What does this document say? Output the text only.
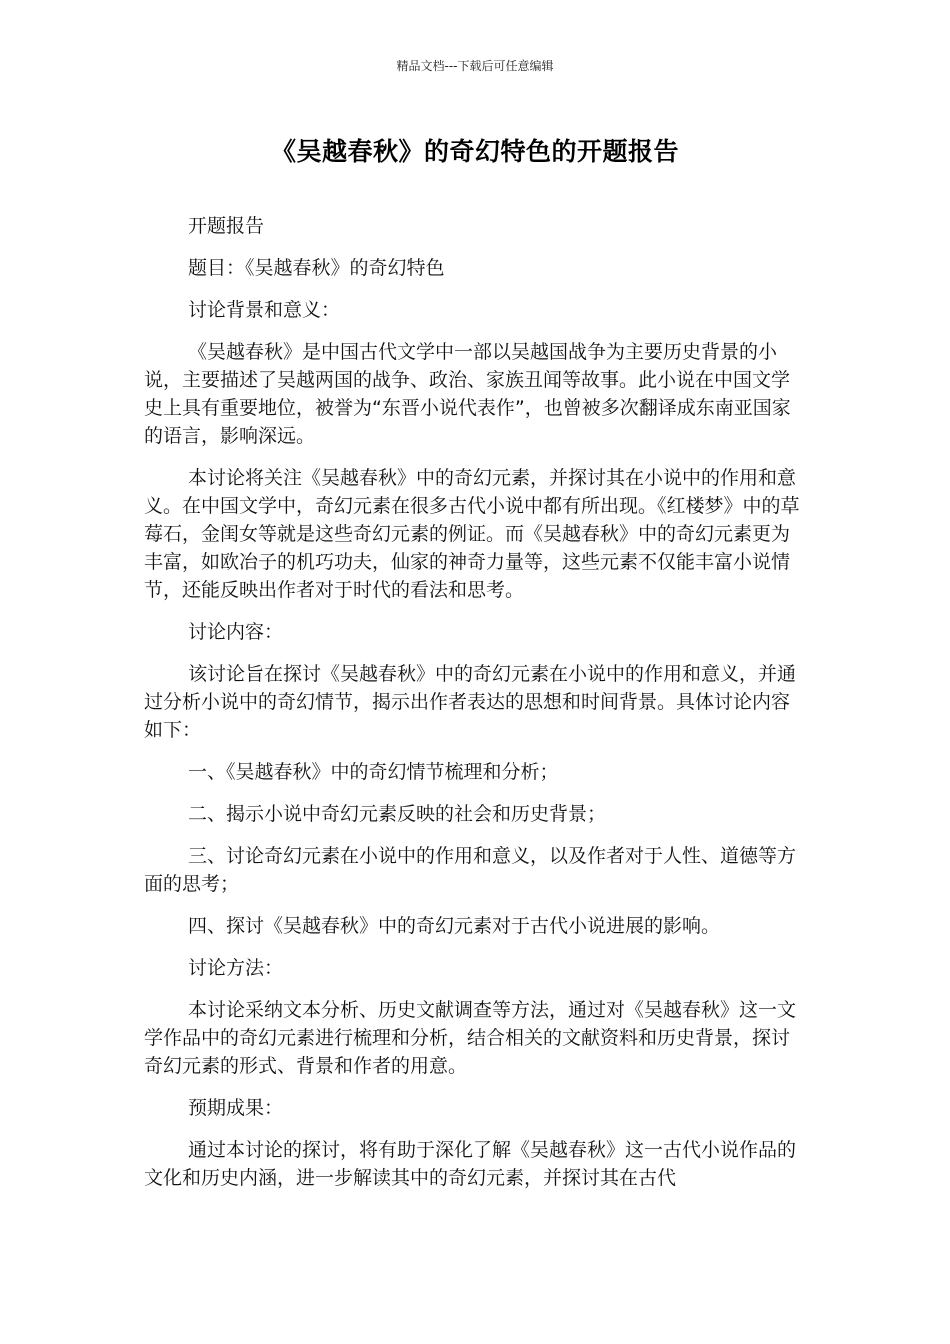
精品文档---下载后可任意编辑
《吴越春秋》的奇幻特色的开题报告

开题报告

题目：《吴越春秋》的奇幻特色

讨论背景和意义：

《吴越春秋》是中国古代文学中一部以吴越国战争为主要历史背景的小说，主要描述了吴越两国的战争、政治、家族丑闻等故事。此小说在中国文学史上具有重要地位，被誉为“东晋小说代表作”，也曾被多次翻译成东南亚国家的语言，影响深远。

本讨论将关注《吴越春秋》中的奇幻元素，并探讨其在小说中的作用和意义。在中国文学中，奇幻元素在很多古代小说中都有所出现。《红楼梦》中的草莓石，金闺女等就是这些奇幻元素的例证。而《吴越春秋》中的奇幻元素更为丰富，如欧冶子的机巧功夫，仙家的神奇力量等，这些元素不仅能丰富小说情节，还能反映出作者对于时代的看法和思考。

讨论内容：

该讨论旨在探讨《吴越春秋》中的奇幻元素在小说中的作用和意义，并通过分析小说中的奇幻情节，揭示出作者表达的思想和时间背景。具体讨论内容如下：

一、《吴越春秋》中的奇幻情节梳理和分析；

二、揭示小说中奇幻元素反映的社会和历史背景；

三、讨论奇幻元素在小说中的作用和意义，以及作者对于人性、道德等方面的思考；

四、探讨《吴越春秋》中的奇幻元素对于古代小说进展的影响。

讨论方法：

本讨论采纳文本分析、历史文献调查等方法，通过对《吴越春秋》这一文学作品中的奇幻元素进行梳理和分析，结合相关的文献资料和历史背景，探讨奇幻元素的形式、背景和作者的用意。

预期成果：

通过本讨论的探讨，将有助于深化了解《吴越春秋》这一古代小说作品的文化和历史内涵，进一步解读其中的奇幻元素，并探讨其在古代
